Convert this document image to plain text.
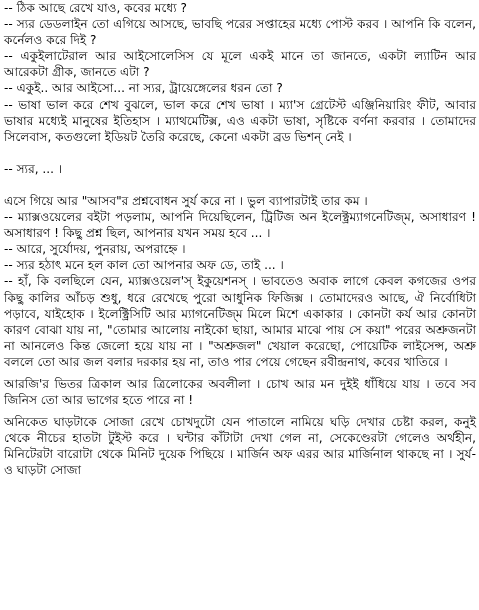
-- ঠিক আছে রেখে যাও, কবের মধ্যে ?

-- স্যর ডেডলাইন তো এগিয়ে আসছে, ভাবছি পরের সপ্তাহের মধ্যে পোস্ট করব । আপনি কি বলেন, কর্নেলও করে দিই ?

-- একুইলাটেরাল আর আইসোলেসিস যে মূলে একই মানে তা জানতে, একটা ল্যাটিন আর আরেকটা গ্রীক, জানতে এটা ?

-- একুই.. আর আইসো... না স্যর, ট্রায়েঙ্গেলের ধরন তো ?

-- ভাষা ভাল করে শেখ বুঝলে, ভাল করে শেখ ভাষা । ম্যা'স গ্রেটেস্ট এঞ্জিনিয়ারিং ফীট, আবার ভাষার মধ্যেই মানুষের ইতিহাস । ম্যাথমেটিক্স, এও একটা ভাষা, সৃষ্টিকে বর্ণনা করবার । তোমাদের সিলেবাস, কতগুলো ইডিয়ট তৈরি করেছে, কেনো একটা ব্রড ভিশন্ নেই ।

-- স্যর, ... ।

এসে গিয়ে আর "আসব"র প্রশ্নবোধন সুর্য করে না । ভুল ব্যাপারটাই তার কম ।

-- ম্যাক্সওয়েলের বইটা পড়লাম, আপনি দিয়েছিলেন, ট্রিটিজ অন ইলেক্ট্রম্যাগনেটিজ্ম, অসাধারণ ! অসাধারণ ! কিছু প্রশ্ন ছিল, আপনার যখন সময় হবে ... ।

-- আরে, সুর্যোদয়, পুনরায়, অপরাহ্নে ।

-- স্যর হঠাৎ মনে হল কাল তো আপনার অফ ডে, তাই ... ।

-- হাঁ, কি বলছিলে যেন, ম্যাক্সওয়েল'স্ ইকুয়েশনস্ । ভাবতেও অবাক লাগে কেবল কগজের ওপর কিছু কালির আঁচড় শুধু, ধরে রেখেছে পুরো আধুনিক ফিজিক্স । তোমাদেরও আছে, ঐ নির্বোধিটা পড়াবে, যাইহোক । ইলেক্ট্রিসিটি আর ম্যাগনেটিজ্ম মিলে মিশে একাকার । কোনটা কর্য আর কোনটা কারণ বোঝা যায় না, "তোমার আলোয় নাইকো ছায়া, আমার মাঝে পায় সে কয়া" পরের অশ্রুজনটা না আনলেও কিন্ত জেলো হয়ে যায় না । "অশ্রুজল" খেয়াল করেছো, পোয়েটিক লাইসেন্স, অশ্রু বললে তো আর জল বলার দরকার হয় না, তাও পার পেয়ে গেছেন রবীন্দ্রনাথ, কবের খাতিরে ।

আরজি'র ভিতর ত্রিকাল আর ত্রিলোকের অবলীলা । চোখ আর মন দুইই ধাঁধিয়ে যায় । তবে সব জিনিস তো আর ভাগের হতে পারে না !

অনিকেত ঘাড়টাকে সোজা রেখে চোখদুটো যেন পাতালে নামিয়ে ঘড়ি দেখার চেষ্টা করল, কনুই থেকে নীচের হাতটা টুইস্ট করে । ঘন্টার কাঁটাটা দেখা গেল না, সেকেণ্ডেরটা গেলেও অর্থহীন, মিনিটেরটা বারোটা থেকে মিনিট দুয়েক পিছিয়ে । মার্জিন অফ এরর আর মার্জিনাল থাকছে না । সুর্য-ও ঘাড়টা সোজা
